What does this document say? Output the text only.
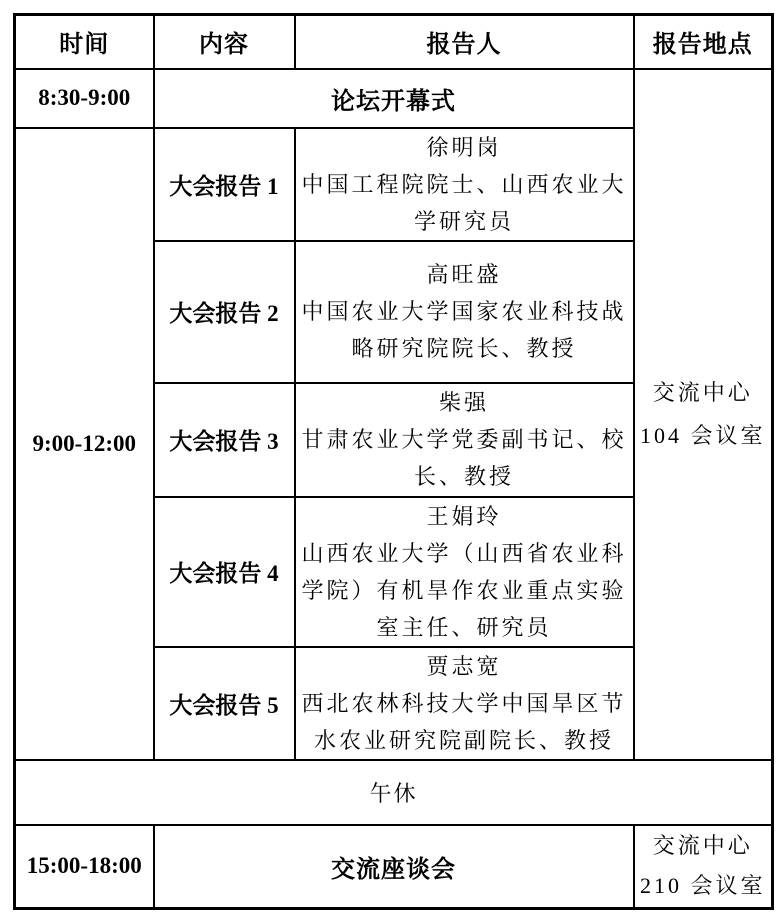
时间	内容	报告人	报告地点
8:30-9:00	论坛开幕式		交流中心
104 会议室

9:00-12:00	大会报告 1	徐明岗
中国工程院院士、山西农业大
学研究员	

	大会报告 2	高旺盛
中国农业大学国家农业科技战
略研究院院长、教授	

	大会报告 3	柴强
甘肃农业大学党委副书记、校
长、教授	

	大会报告 4	王娟玲
山西农业大学（山西省农业科
学院）有机旱作农业重点实验
室主任、研究员	

	大会报告 5	贾志宽
西北农林科技大学中国旱区节
水农业研究院副院长、教授	

午休			
15:00-18:00	交流座谈会		交流中心
210 会议室
